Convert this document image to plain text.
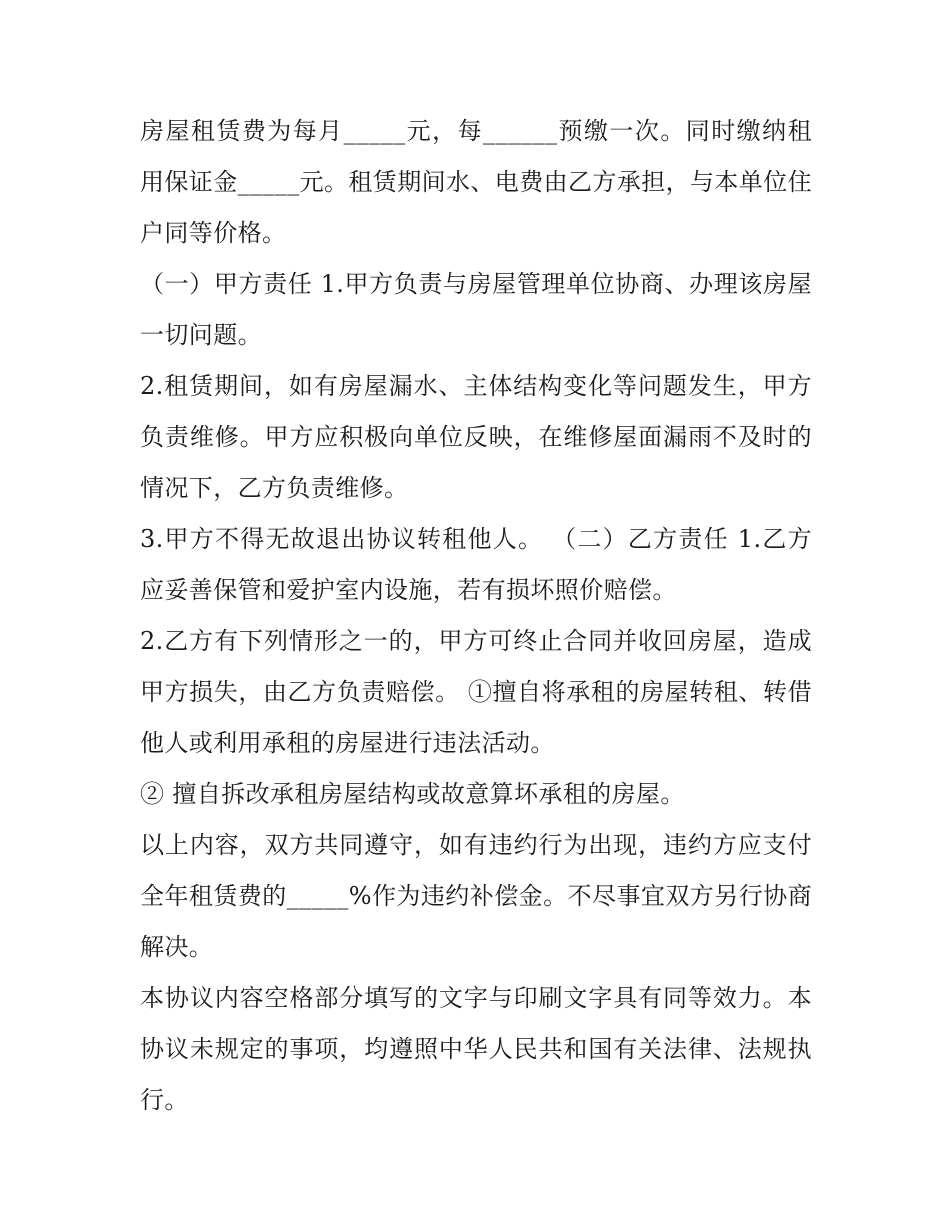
房屋租赁费为每月_____元，每______预缴一次。同时缴纳租用保证金_____元。租赁期间水、电费由乙方承担，与本单位住户同等价格。

（一）甲方责任 1.甲方负责与房屋管理单位协商、办理该房屋一切问题。

2.租赁期间，如有房屋漏水、主体结构变化等问题发生，甲方负责维修。甲方应积极向单位反映，在维修屋面漏雨不及时的情况下，乙方负责维修。

3.甲方不得无故退出协议转租他人。 （二）乙方责任 1.乙方应妥善保管和爱护室内设施，若有损坏照价赔偿。

2.乙方有下列情形之一的，甲方可终止合同并收回房屋，造成甲方损失，由乙方负责赔偿。 ①擅自将承租的房屋转租、转借他人或利用承租的房屋进行违法活动。

② 擅自拆改承租房屋结构或故意算坏承租的房屋。

以上内容，双方共同遵守，如有违约行为出现，违约方应支付全年租赁费的_____%作为违约补偿金。不尽事宜双方另行协商解决。

本协议内容空格部分填写的文字与印刷文字具有同等效力。本协议未规定的事项，均遵照中华人民共和国有关法律、法规执行。
